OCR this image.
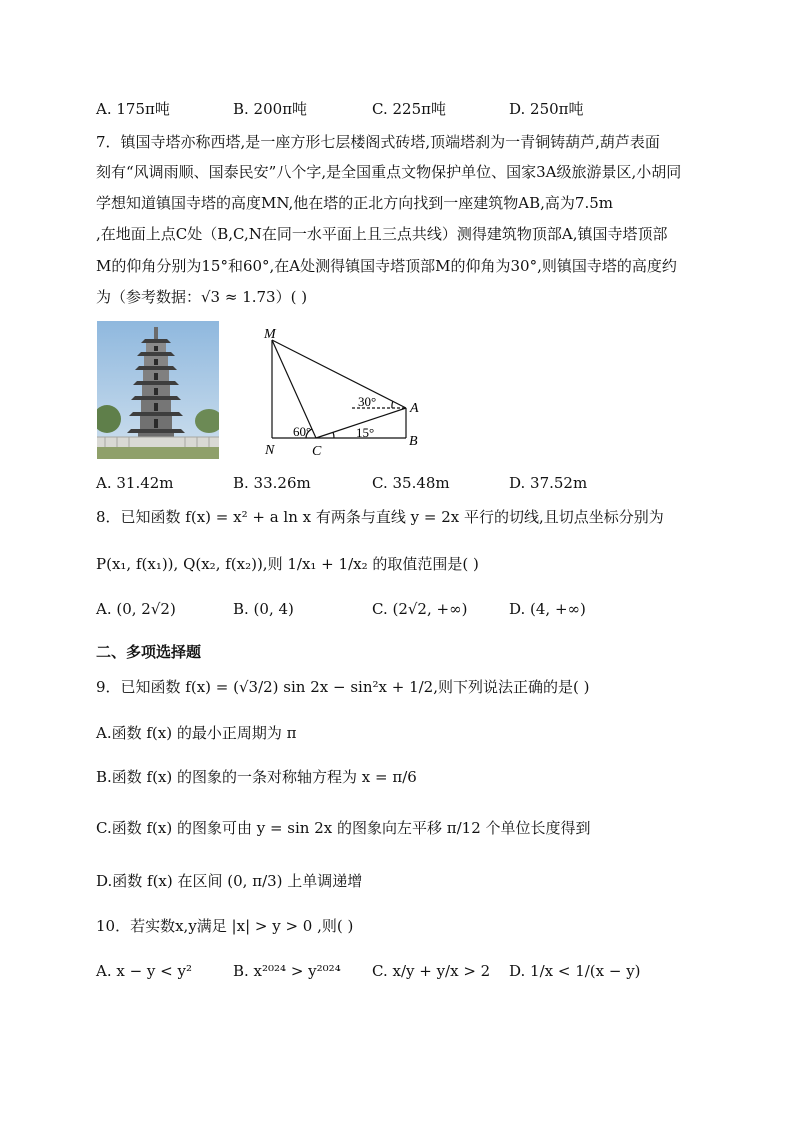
A. 175π吨	B. 200π吨	C. 225π吨	D. 250π吨
7．镇国寺塔亦称西塔,是一座方形七层楼阁式砖塔,顶端塔刹为一青铜铸葫芦,葫芦表面
刻有“风调雨顺、国泰民安”八个字,是全国重点文物保护单位、国家3A级旅游景区,小胡同
学想知道镇国寺塔的高度MN,他在塔的正北方向找到一座建筑物AB,高为7.5m
,在地面上点C处（B,C,N在同一水平面上且三点共线）测得建筑物顶部A,镇国寺塔顶部
M的仰角分别为15°和60°,在A处测得镇国寺塔顶部M的仰角为30°,则镇国寺塔的高度约
为（参考数据：√3 ≈ 1.73）( )
M
N	C
A
B
60°	15°
30°
A. 31.42m	B. 33.26m	C. 35.48m	D. 37.52m
8．已知函数 f(x) = x² + a ln x 有两条与直线 y = 2x 平行的切线,且切点坐标分别为
P(x₁, f(x₁)), Q(x₂, f(x₂)),则 1/x₁ + 1/x₂ 的取值范围是( )
A. (0, 2√2)	B. (0, 4)	C. (2√2, +∞)	D. (4, +∞)
二、多项选择题
9．已知函数 f(x) = (√3/2) sin 2x − sin²x + 1/2,则下列说法正确的是( )
A.函数 f(x) 的最小正周期为 π
B.函数 f(x) 的图象的一条对称轴方程为 x = π/6
C.函数 f(x) 的图象可由 y = sin 2x 的图象向左平移 π/12 个单位长度得到
D.函数 f(x) 在区间 (0, π/3) 上单调递增
10．若实数x,y满足 |x| > y > 0 ,则( )
A. x − y < y²	B. x²⁰²⁴ > y²⁰²⁴ C. x/y + y/x > 2 D. 1/x < 1/(x − y)
